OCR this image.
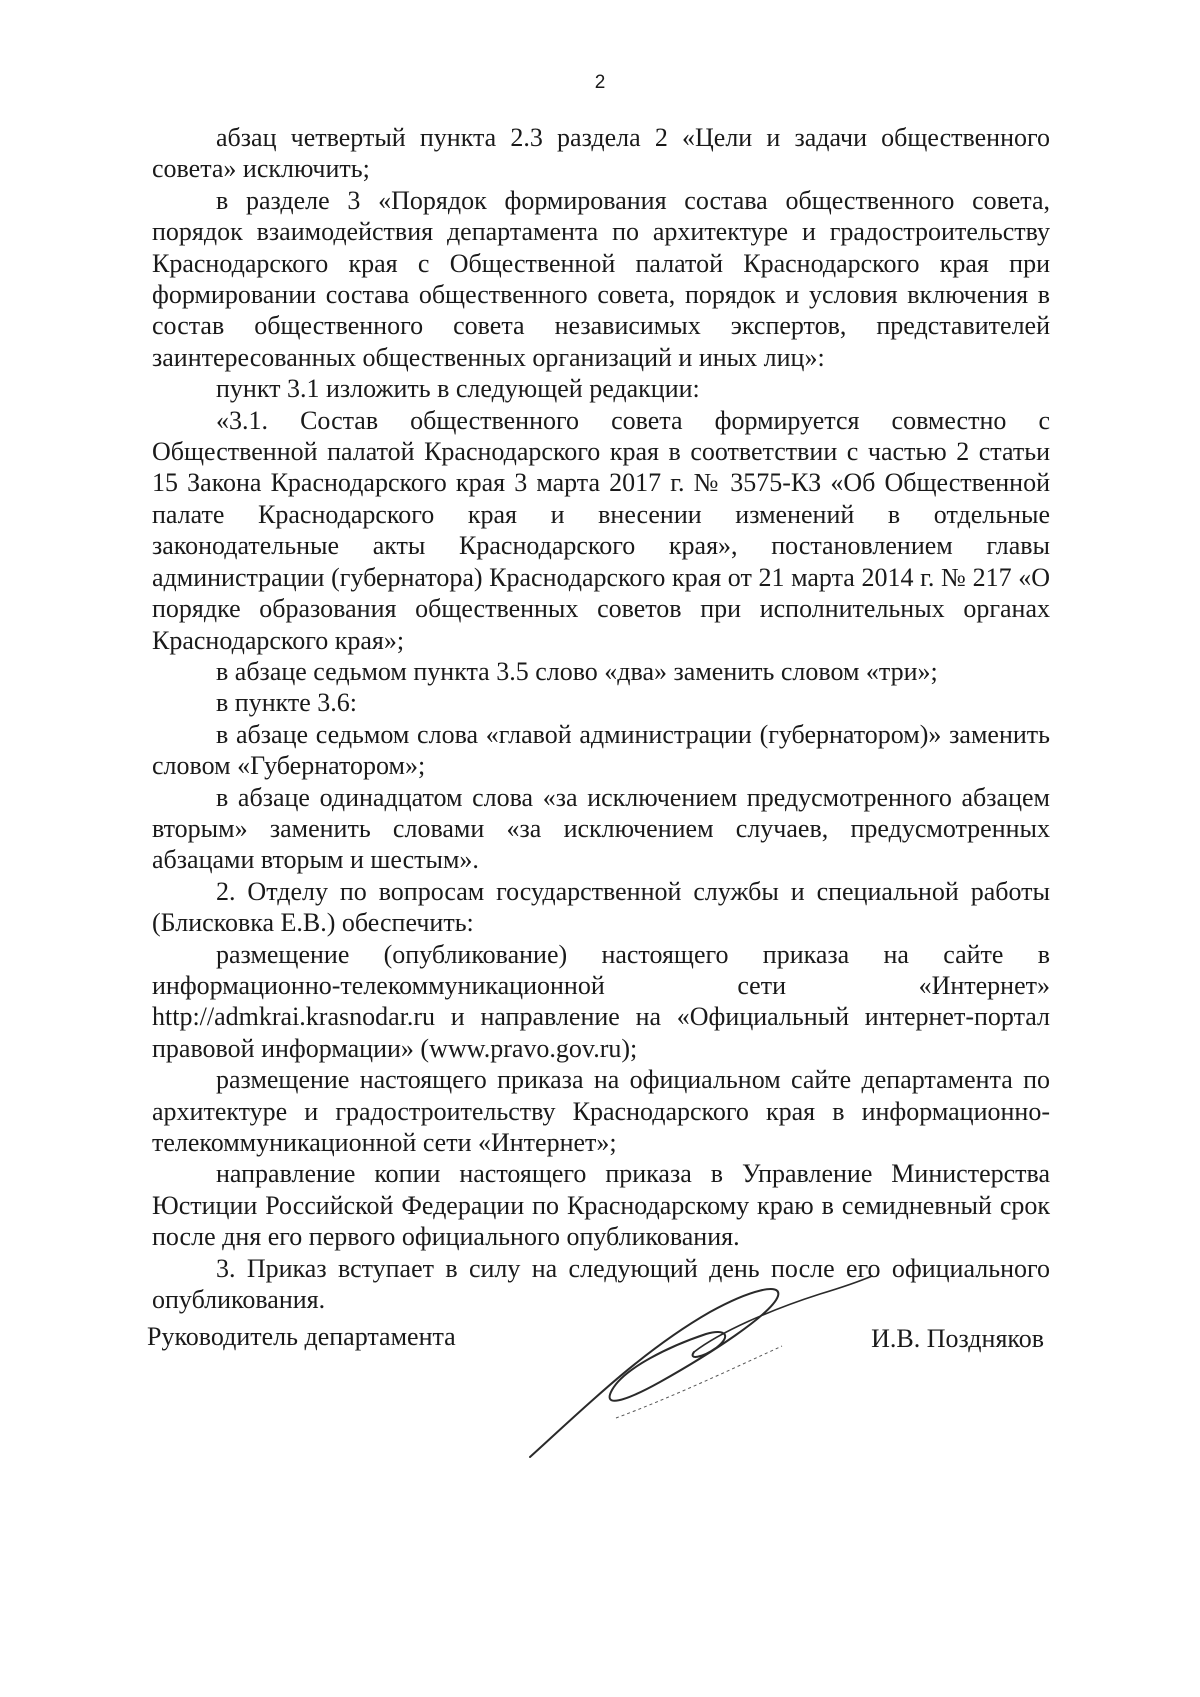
2

абзац четвертый пункта 2.3 раздела 2 «Цели и задачи общественного совета» исключить;

в разделе 3 «Порядок формирования состава общественного совета, порядок взаимодействия департамента по архитектуре и градостроительству Краснодарского края с Общественной палатой Краснодарского края при формировании состава общественного совета, порядок и условия включения в состав общественного совета независимых экспертов, представителей заинтересованных общественных организаций и иных лиц»:

пункт 3.1 изложить в следующей редакции:

«3.1. Состав общественного совета формируется совместно с Общественной палатой Краснодарского края в соответствии с частью 2 статьи 15 Закона Краснодарского края 3 марта 2017 г. № 3575-КЗ «Об Общественной палате Краснодарского края и внесении изменений в отдельные законодательные акты Краснодарского края», постановлением главы администрации (губернатора) Краснодарского края от 21 марта 2014 г. № 217 «О порядке образования общественных советов при исполнительных органах Краснодарского края»;

в абзаце седьмом пункта 3.5 слово «два» заменить словом «три»;

в пункте 3.6:

в абзаце седьмом слова «главой администрации (губернатором)» заменить словом «Губернатором»;

в абзаце одинадцатом слова «за исключением предусмотренного абзацем вторым» заменить словами «за исключением случаев, предусмотренных абзацами вторым и шестым».

2. Отделу по вопросам государственной службы и специальной работы (Блисковка Е.В.) обеспечить:

размещение (опубликование) настоящего приказа на сайте в информационно-телекоммуникационной сети «Интернет» http://admkrai.krasnodar.ru и направление на «Официальный интернет-портал правовой информации» (www.pravo.gov.ru);

размещение настоящего приказа на официальном сайте департамента по архитектуре и градостроительству Краснодарского края в информационно-телекоммуникационной сети «Интернет»;

направление копии настоящего приказа в Управление Министерства Юстиции Российской Федерации по Краснодарскому краю в семидневный срок после дня его первого официального опубликования.

3. Приказ вступает в силу на следующий день после его официального опубликования.

Руководитель департамента	И.В. Поздняков
